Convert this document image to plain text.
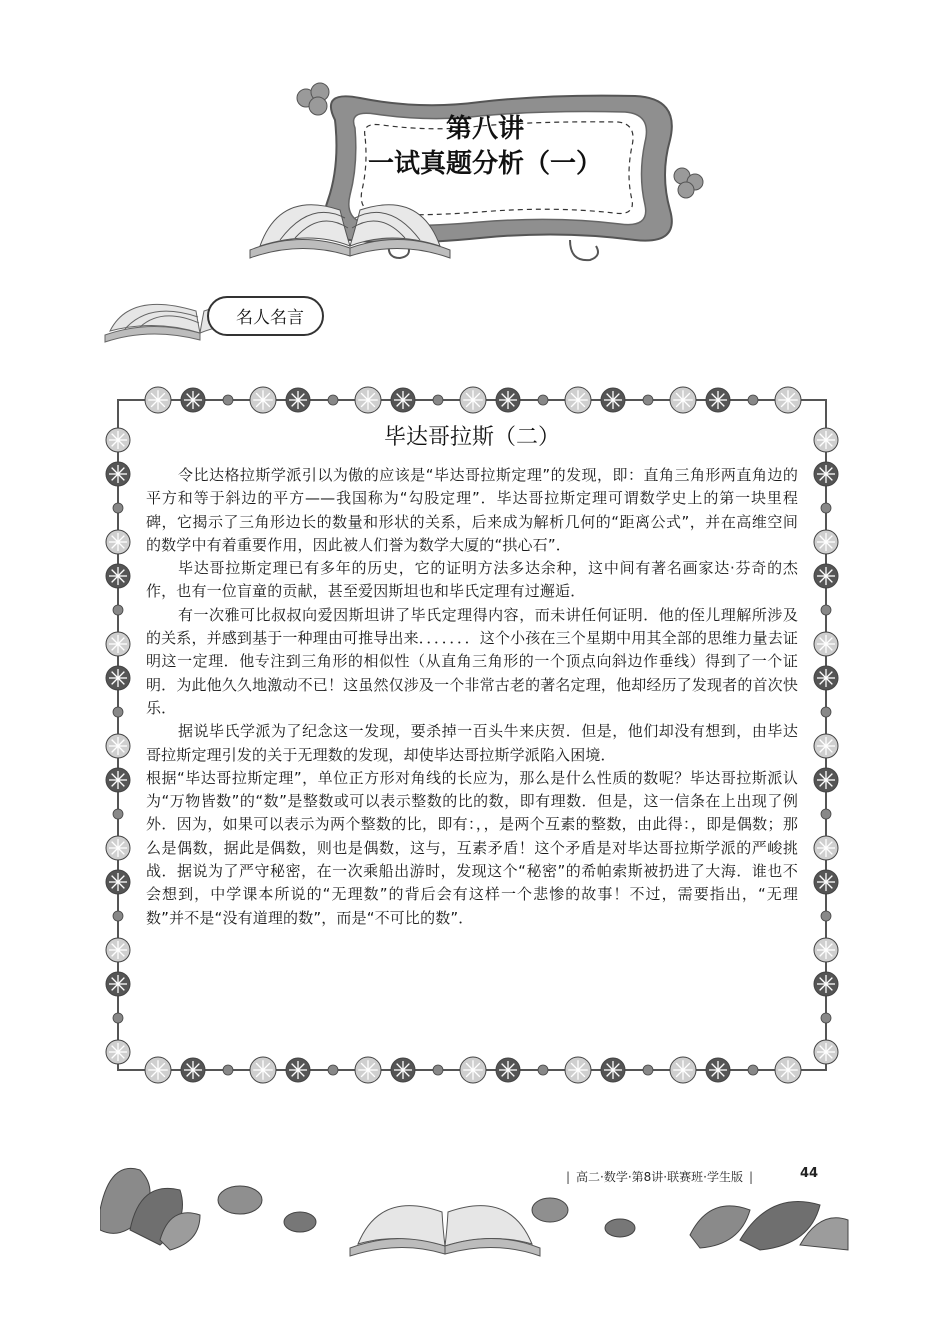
第八讲
一试真题分析（一）
名人名言
毕达哥拉斯（二）

令比达格拉斯学派引以为傲的应该是“毕达哥拉斯定理”的发现，即：直角三角形两直角边的平方和等于斜边的平方——我国称为“勾股定理”．毕达哥拉斯定理可谓数学史上的第一块里程碑，它揭示了三角形边长的数量和形状的关系，后来成为解析几何的“距离公式”，并在高维空间的数学中有着重要作用，因此被人们誉为数学大厦的“拱心石”．

毕达哥拉斯定理已有多年的历史，它的证明方法多达余种，这中间有著名画家达·芬奇的杰作，也有一位盲童的贡献，甚至爱因斯坦也和毕氏定理有过邂逅．

有一次雅可比叔叔向爱因斯坦讲了毕氏定理得内容，而未讲任何证明．他的侄儿理解所涉及的关系，并感到基于一种理由可推导出来．．．．．．．这个小孩在三个星期中用其全部的思维力量去证明这一定理．他专注到三角形的相似性（从直角三角形的一个顶点向斜边作垂线）得到了一个证明．为此他久久地激动不已！这虽然仅涉及一个非常古老的著名定理，他却经历了发现者的首次快乐．

据说毕氏学派为了纪念这一发现，要杀掉一百头牛来庆贺．但是，他们却没有想到，由毕达哥拉斯定理引发的关于无理数的发现，却使毕达哥拉斯学派陷入困境．

根据“毕达哥拉斯定理”，单位正方形对角线的长应为，那么是什么性质的数呢？毕达哥拉斯派认为“万物皆数”的“数”是整数或可以表示整数的比的数，即有理数．但是，这一信条在上出现了例外．因为，如果可以表示为两个整数的比，即有：，，是两个互素的整数，由此得：，即是偶数；那么是偶数，据此是偶数，则也是偶数，这与，互素矛盾！这个矛盾是对毕达哥拉斯学派的严峻挑战．据说为了严守秘密，在一次乘船出游时，发现这个“秘密”的希帕索斯被扔进了大海．谁也不会想到，中学课本所说的“无理数”的背后会有这样一个悲惨的故事！不过，需要指出，“无理数”并不是“没有道理的数”，而是“不可比的数”．

| 高二·数学·第8讲·联赛班·学生版 |	44
